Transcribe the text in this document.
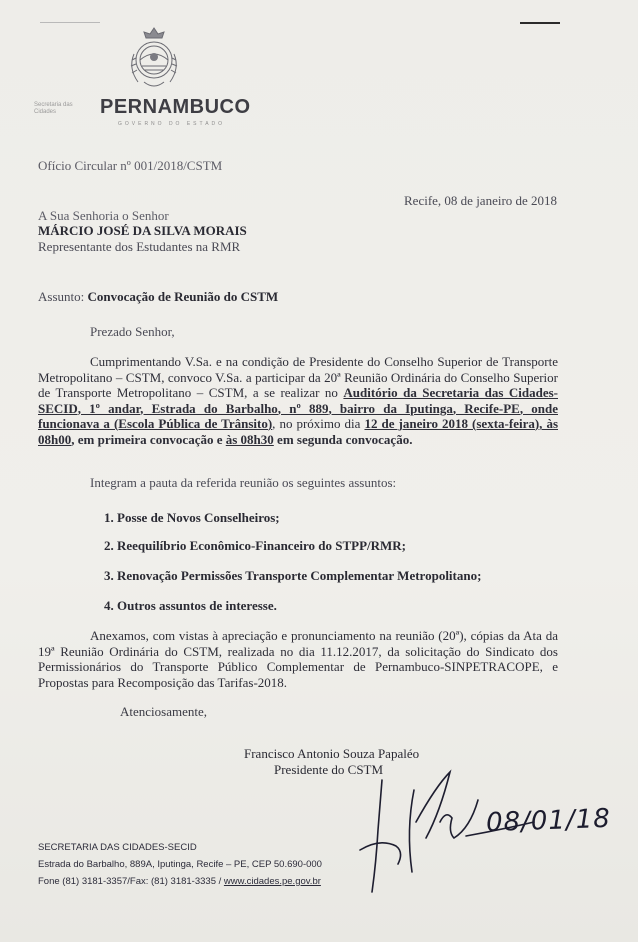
Secretaria das Cidades	PERNAMBUCO
GOVERNO DO ESTADO
Ofício Circular nº 001/2018/CSTM
Recife, 08 de janeiro de 2018
A Sua Senhoria o Senhor
MÁRCIO JOSÉ DA SILVA MORAIS
Representante dos Estudantes na RMR
Assunto: Convocação de Reunião do CSTM
Prezado Senhor,
Cumprimentando V.Sa. e na condição de Presidente do Conselho Superior de Transporte Metropolitano – CSTM, convoco V.Sa. a participar da 20ª Reunião Ordinária do Conselho Superior de Transporte Metropolitano – CSTM, a se realizar no Auditório da Secretaria das Cidades-SECID, 1º andar, Estrada do Barbalho, nº 889, bairro da Iputinga, Recife-PE, onde funcionava a (Escola Pública de Trânsito), no próximo dia 12 de janeiro 2018 (sexta-feira), às 08h00, em primeira convocação e às 08h30 em segunda convocação.
Integram a pauta da referida reunião os seguintes assuntos:
1. Posse de Novos Conselheiros;
2. Reequilíbrio Econômico-Financeiro do STPP/RMR;
3. Renovação Permissões Transporte Complementar Metropolitano;
4. Outros assuntos de interesse.
Anexamos, com vistas à apreciação e pronunciamento na reunião (20ª), cópias da Ata da 19ª Reunião Ordinária do CSTM, realizada no dia 11.12.2017, da solicitação do Sindicato dos Permissionários do Transporte Público Complementar de Pernambuco-SINPETRACOPE, e Propostas para Recomposição das Tarifas-2018.
Atenciosamente,
Francisco Antonio Souza Papaléo
Presidente do CSTM
08/01/18
SECRETARIA DAS CIDADES-SECID
Estrada do Barbalho, 889A, Iputinga, Recife – PE, CEP 50.690-000
Fone (81) 3181-3357/Fax: (81) 3181-3335 / www.cidades.pe.gov.br
